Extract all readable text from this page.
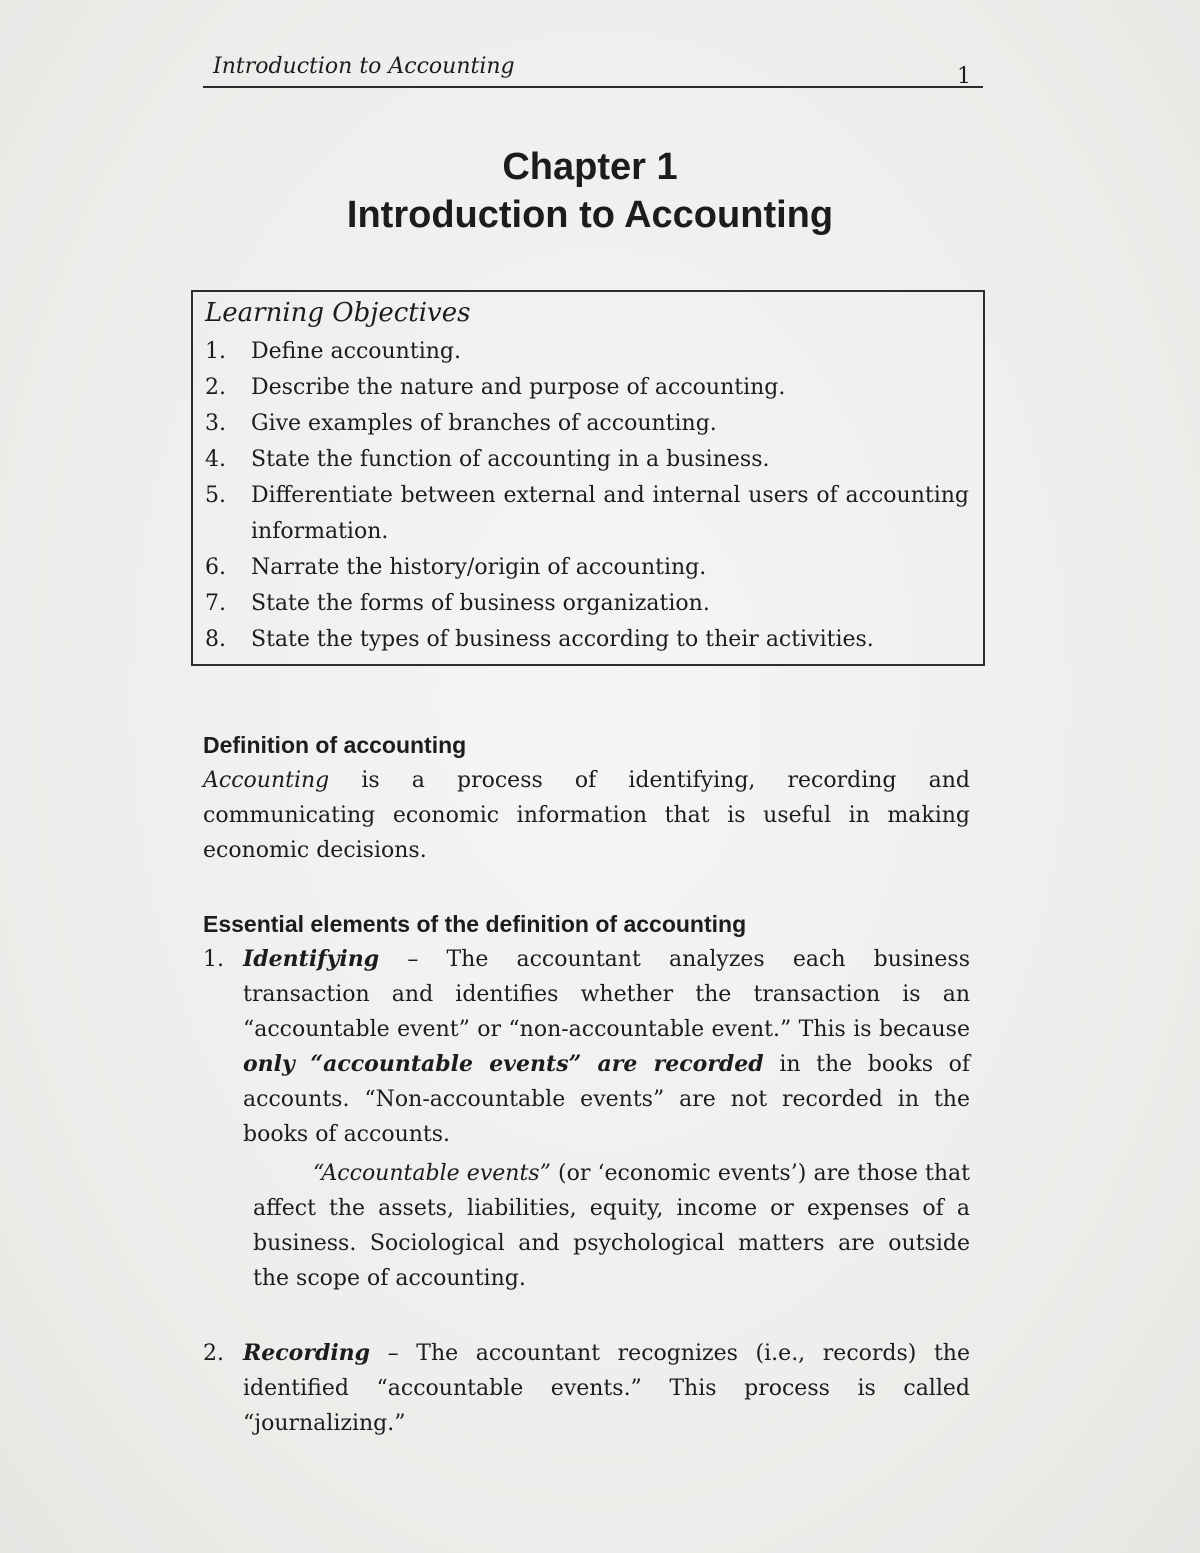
Introduction to Accounting	1
Chapter 1
Introduction to Accounting
Learning Objectives
1. Define accounting.
2. Describe the nature and purpose of accounting.
3. Give examples of branches of accounting.
4. State the function of accounting in a business.
5. Differentiate between external and internal users of accounting information.
6. Narrate the history/origin of accounting.
7. State the forms of business organization.
8. State the types of business according to their activities.
Definition of accounting

Accounting is a process of identifying, recording and communicating economic information that is useful in making economic decisions.

Essential elements of the definition of accounting
1. Identifying – The accountant analyzes each business transaction and identifies whether the transaction is an “accountable event” or “non-accountable event.” This is because only “accountable events” are recorded in the books of accounts. “Non-accountable events” are not recorded in the books of accounts.

“Accountable events” (or ‘economic events’) are those that affect the assets, liabilities, equity, income or expenses of a business. Sociological and psychological matters are outside the scope of accounting.

2. Recording – The accountant recognizes (i.e., records) the identified “accountable events.” This process is called “journalizing.”
